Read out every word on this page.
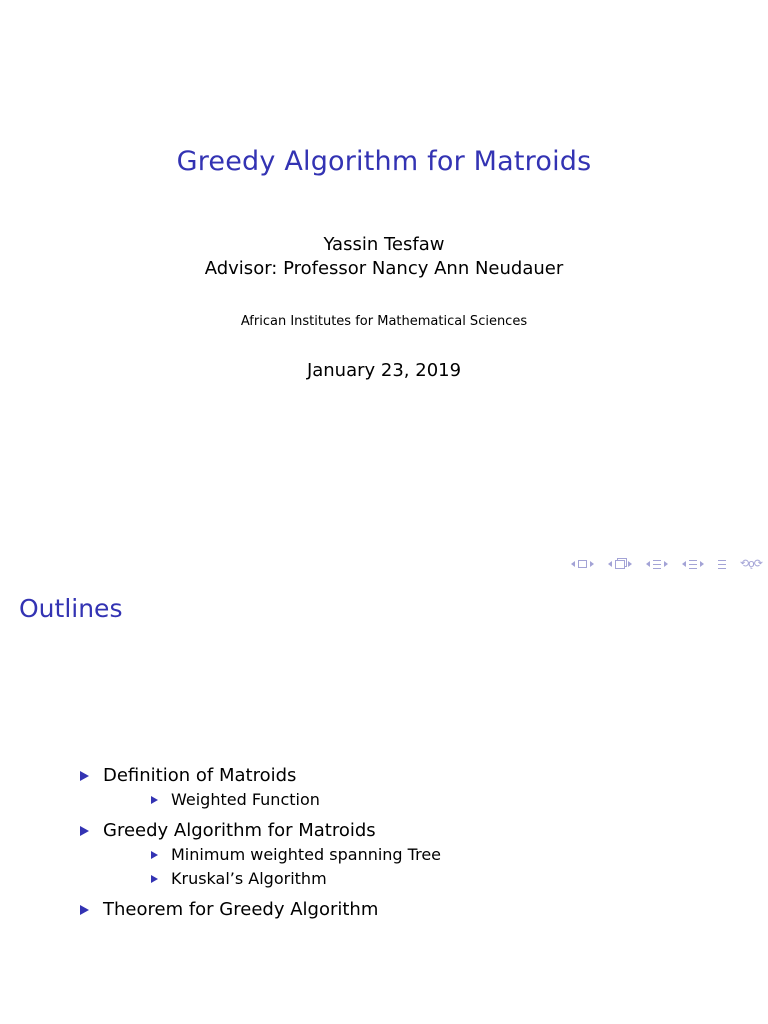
Greedy Algorithm for Matroids
Yassin Tesfaw
Advisor: Professor Nancy Ann Neudauer
African Institutes for Mathematical Sciences
January 23, 2019
⟲ǫ⟳
Outlines
Definition of Matroids
Weighted Function
Greedy Algorithm for Matroids
Minimum weighted spanning Tree
Kruskal’s Algorithm
Theorem for Greedy Algorithm
